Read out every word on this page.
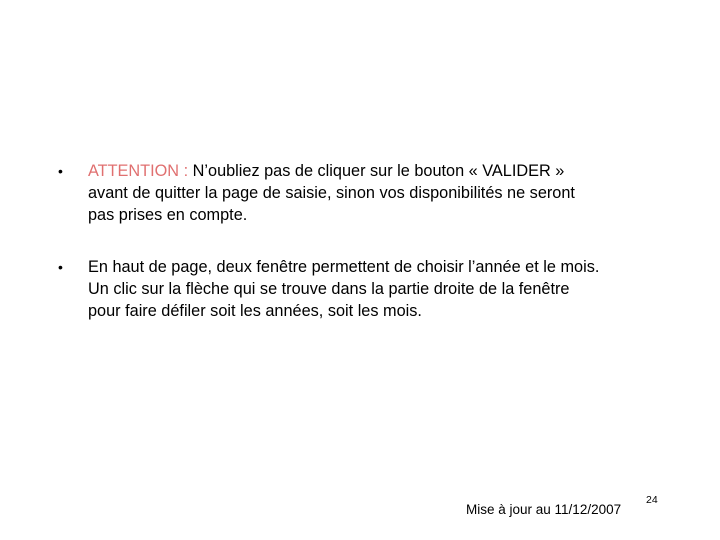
• ATTENTION : N’oubliez pas de cliquer sur le bouton « VALIDER »
avant de quitter la page de saisie, sinon vos disponibilités ne seront
pas prises en compte.
• En haut de page, deux fenêtre permettent de choisir l’année et le mois.
Un clic sur la flèche qui se trouve dans la partie droite de la fenêtre
pour faire défiler soit les années, soit les mois.
Mise à jour au 11/12/2007
24
